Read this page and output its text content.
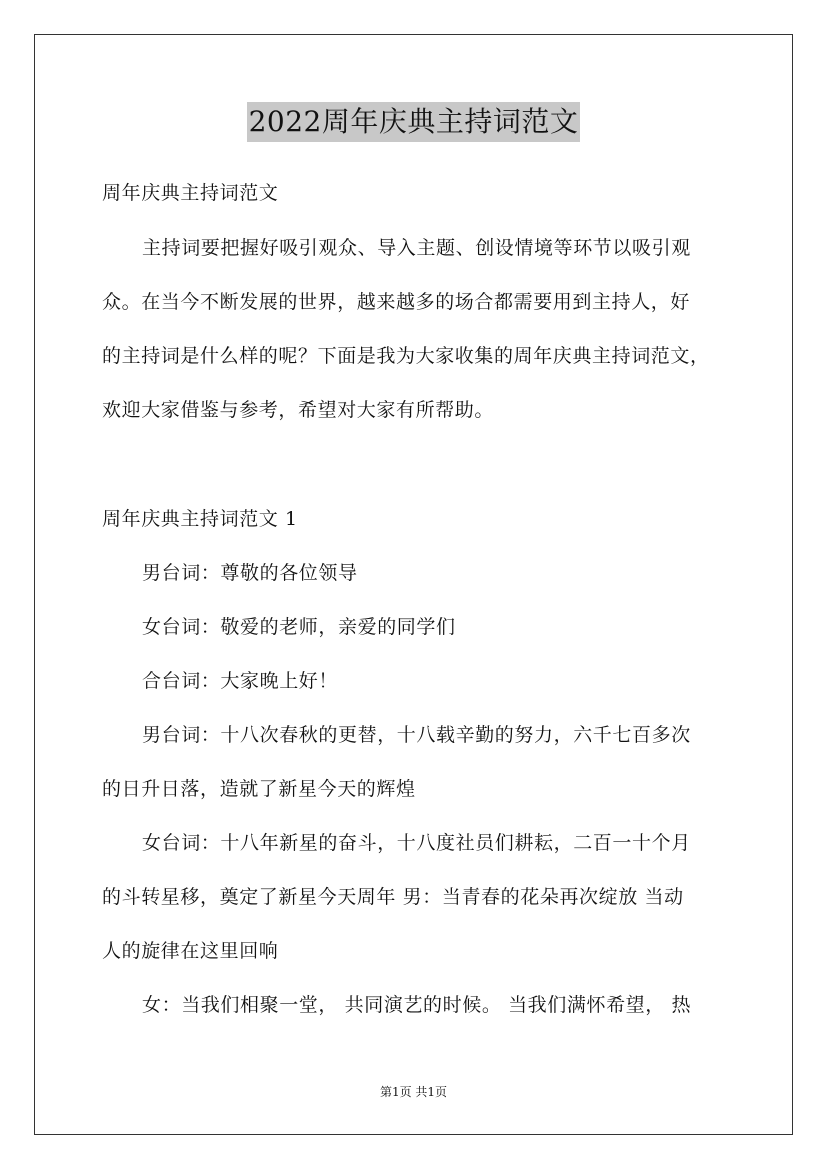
2022周年庆典主持词范文
周年庆典主持词范文
主持词要把握好吸引观众、导入主题、创设情境等环节以吸引观
众。在当今不断发展的世界，越来越多的场合都需要用到主持人，好
的主持词是什么样的呢？下面是我为大家收集的周年庆典主持词范文，
欢迎大家借鉴与参考，希望对大家有所帮助。
周年庆典主持词范文 1
男台词：尊敬的各位领导
女台词：敬爱的老师，亲爱的同学们
合台词：大家晚上好！
男台词：十八次春秋的更替，十八载辛勤的努力，六千七百多次
的日升日落，造就了新星今天的辉煌
女台词：十八年新星的奋斗，十八度社员们耕耘，二百一十个月
的斗转星移，奠定了新星今天周年 男：当青春的花朵再次绽放 当动
人的旋律在这里回响
女：当我们相聚一堂， 共同演艺的时候。 当我们满怀希望， 热
第1页 共1页
